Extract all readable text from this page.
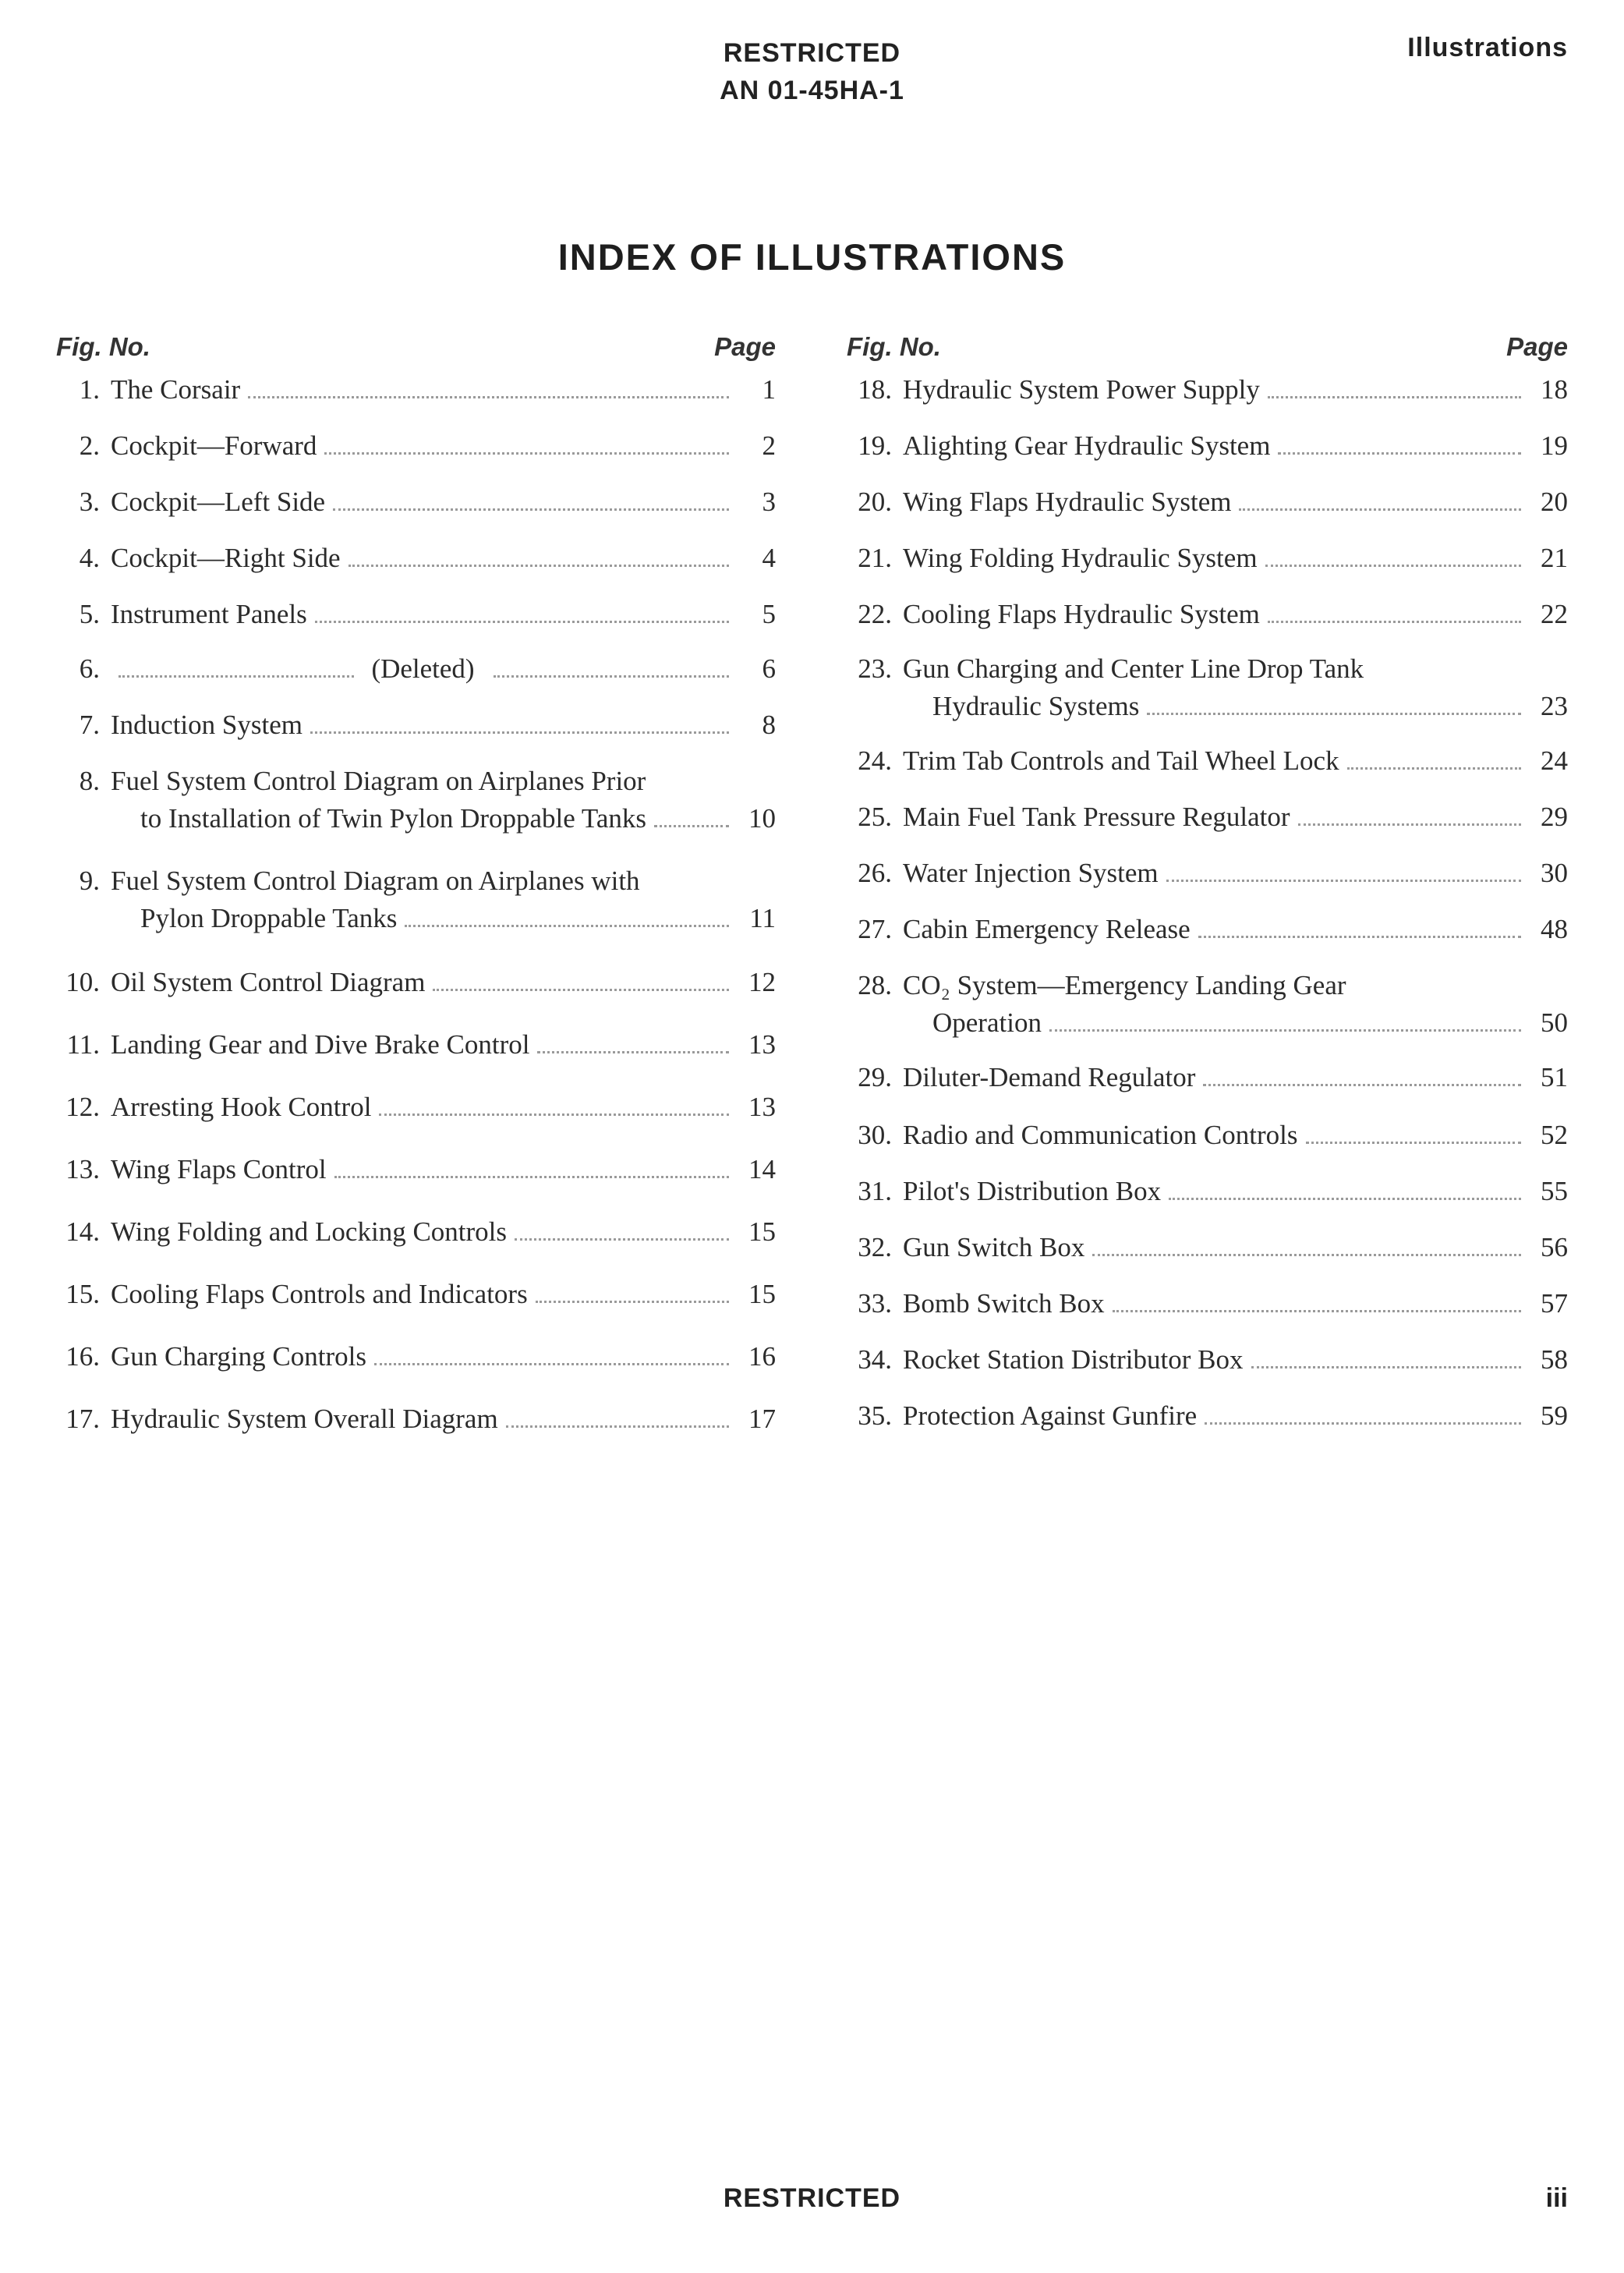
RESTRICTED
AN 01-45HA-1
Illustrations
INDEX OF ILLUSTRATIONS
Fig. No.	Page
1. The Corsair	1
2. Cockpit—Forward	2
3. Cockpit—Left Side	3
4. Cockpit—Right Side	4
5. Instrument Panels	5
6.	(Deleted)	6
7. Induction System	8
8. Fuel System Control Diagram on Airplanes Prior
to Installation of Twin Pylon Droppable Tanks	10
9. Fuel System Control Diagram on Airplanes with
Pylon Droppable Tanks	11
10. Oil System Control Diagram	12
11. Landing Gear and Dive Brake Control	13
12. Arresting Hook Control	13
13. Wing Flaps Control	14
14. Wing Folding and Locking Controls	15
15. Cooling Flaps Controls and Indicators	15
16. Gun Charging Controls	16
17. Hydraulic System Overall Diagram	17
Fig. No.	Page
18. Hydraulic System Power Supply	18
19. Alighting Gear Hydraulic System	19
20. Wing Flaps Hydraulic System	20
21. Wing Folding Hydraulic System	21
22. Cooling Flaps Hydraulic System	22
23. Gun Charging and Center Line Drop Tank
Hydraulic Systems	23
24. Trim Tab Controls and Tail Wheel Lock	24
25. Main Fuel Tank Pressure Regulator	29
26. Water Injection System	30
27. Cabin Emergency Release	48
28. CO₂ System—Emergency Landing Gear
Operation	50
29. Diluter-Demand Regulator	51
30. Radio and Communication Controls	52
31. Pilot's Distribution Box	55
32. Gun Switch Box	56
33. Bomb Switch Box	57
34. Rocket Station Distributor Box	58
35. Protection Against Gunfire	59
RESTRICTED	iii
